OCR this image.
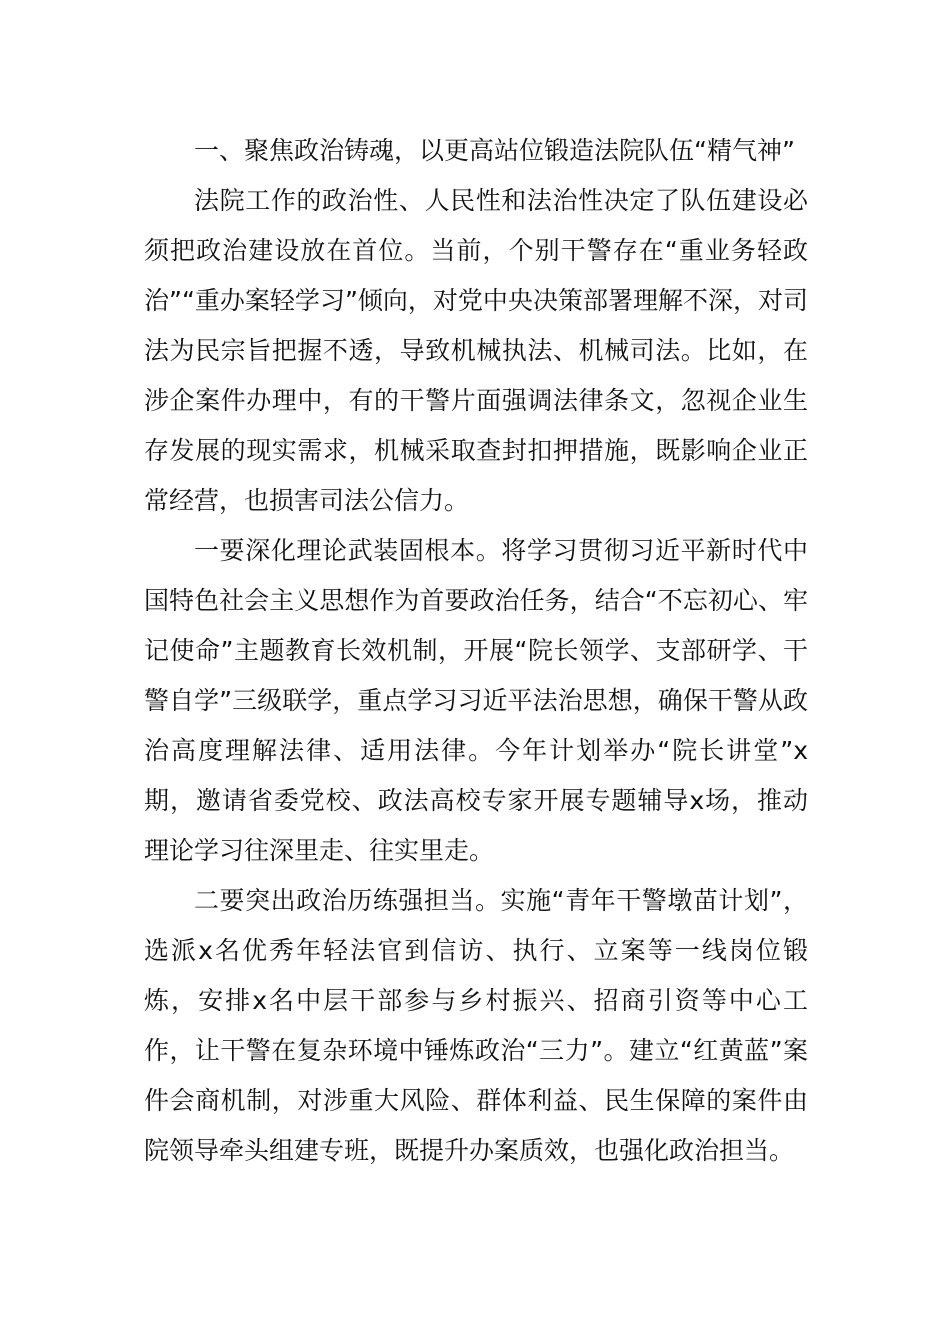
一、聚焦政治铸魂，以更高站位锻造法院队伍“精气神”

法院工作的政治性、人民性和法治性决定了队伍建设必须把政治建设放在首位。当前，个别干警存在“重业务轻政治”“重办案轻学习”倾向，对党中央决策部署理解不深，对司法为民宗旨把握不透，导致机械执法、机械司法。比如，在涉企案件办理中，有的干警片面强调法律条文，忽视企业生存发展的现实需求，机械采取查封扣押措施，既影响企业正常经营，也损害司法公信力。

一要深化理论武装固根本。将学习贯彻习近平新时代中国特色社会主义思想作为首要政治任务，结合“不忘初心、牢记使命”主题教育长效机制，开展“院长领学、支部研学、干警自学”三级联学，重点学习习近平法治思想，确保干警从政治高度理解法律、适用法律。今年计划举办“院长讲堂”x期，邀请省委党校、政法高校专家开展专题辅导x场，推动理论学习往深里走、往实里走。

二要突出政治历练强担当。实施“青年干警墩苗计划”，选派x名优秀年轻法官到信访、执行、立案等一线岗位锻炼，安排x名中层干部参与乡村振兴、招商引资等中心工作，让干警在复杂环境中锤炼政治“三力”。建立“红黄蓝”案件会商机制，对涉重大风险、群体利益、民生保障的案件由院领导牵头组建专班，既提升办案质效，也强化政治担当。
